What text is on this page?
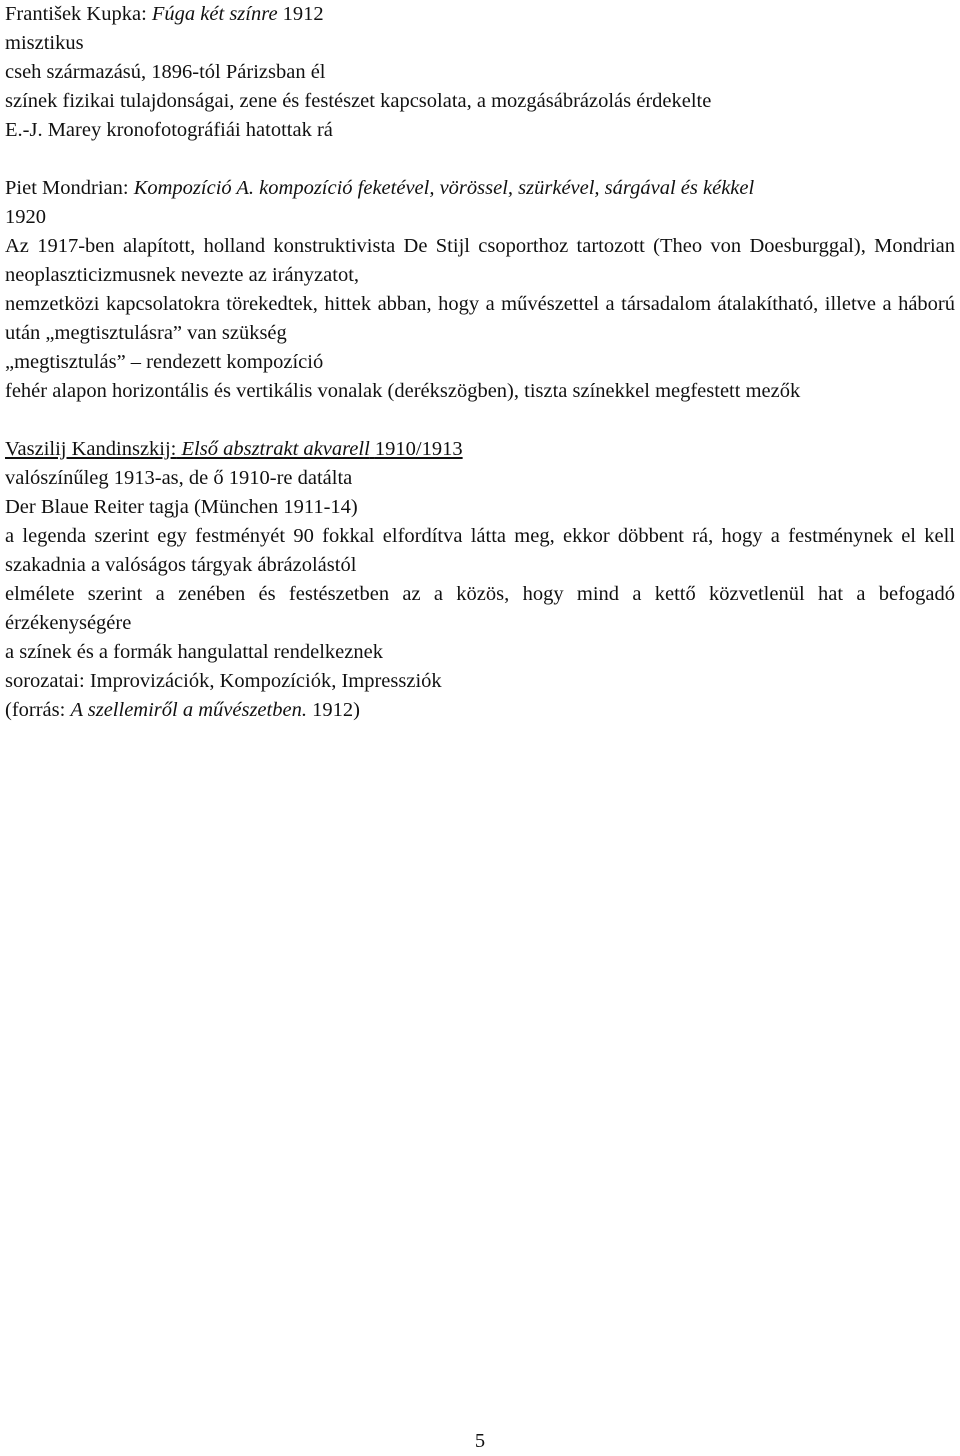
František Kupka: Fúga két színre 1912
misztikus
cseh származású, 1896-tól Párizsban él
színek fizikai tulajdonságai, zene és festészet kapcsolata, a mozgásábrázolás érdekelte
E.-J. Marey kronofotográfiái hatottak rá
Piet Mondrian: Kompozíció A. kompozíció feketével, vörössel, szürkével, sárgával és kékkel
1920
Az 1917-ben alapított, holland konstruktivista De Stijl csoporthoz tartozott (Theo von Doesburggal), Mondrian neoplaszticizmusnek nevezte az irányzatot,
nemzetközi kapcsolatokra törekedtek, hittek abban, hogy a művészettel a társadalom átalakítható, illetve a háború után „megtisztulásra” van szükség
„megtisztulás” – rendezett kompozíció
fehér alapon horizontális és vertikális vonalak (derékszögben), tiszta színekkel megfestett mezők
Vaszilij Kandinszkij: Első absztrakt akvarell 1910/1913
valószínűleg 1913-as, de ő 1910-re datálta
Der Blaue Reiter tagja (München 1911-14)
a legenda szerint egy festményét 90 fokkal elfordítva látta meg, ekkor döbbent rá, hogy a festménynek el kell szakadnia a valóságos tárgyak ábrázolástól
elmélete szerint a zenében és festészetben az a közös, hogy mind a kettő közvetlenül hat a befogadó érzékenységére
a színek és a formák hangulattal rendelkeznek
sorozatai: Improvizációk, Kompozíciók, Impressziók
(forrás: A szellemiről a művészetben. 1912)
5
